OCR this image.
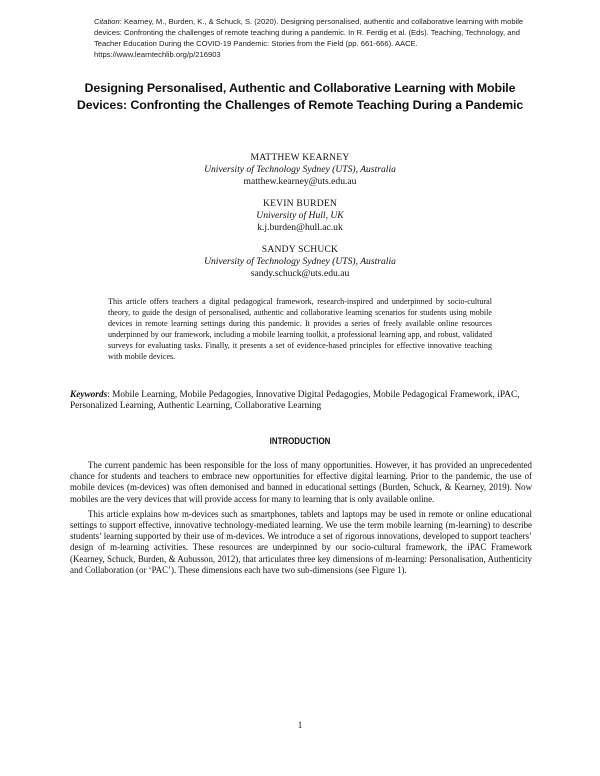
Citation: Kearney, M., Burden, K., & Schuck, S. (2020). Designing personalised, authentic and collaborative learning with mobile devices: Confronting the challenges of remote teaching during a pandemic. In R. Ferdig et al. (Eds). Teaching, Technology, and Teacher Education During the COVID-19 Pandemic: Stories from the Field (pp. 661-666). AACE. https://www.learntechlib.org/p/216903
Designing Personalised, Authentic and Collaborative Learning with Mobile Devices: Confronting the Challenges of Remote Teaching During a Pandemic
MATTHEW KEARNEY
University of Technology Sydney (UTS), Australia
matthew.kearney@uts.edu.au
KEVIN BURDEN
University of Hull, UK
k.j.burden@hull.ac.uk
SANDY SCHUCK
University of Technology Sydney (UTS), Australia
sandy.schuck@uts.edu.au
This article offers teachers a digital pedagogical framework, research-inspired and underpinned by socio-cultural theory, to guide the design of personalised, authentic and collaborative learning scenarios for students using mobile devices in remote learning settings during this pandemic. It provides a series of freely available online resources underpinned by our framework, including a mobile learning toolkit, a professional learning app, and robust, validated surveys for evaluating tasks. Finally, it presents a set of evidence-based principles for effective innovative teaching with mobile devices.
Keywords: Mobile Learning, Mobile Pedagogies, Innovative Digital Pedagogies, Mobile Pedagogical Framework, iPAC, Personalized Learning, Authentic Learning, Collaborative Learning
INTRODUCTION

The current pandemic has been responsible for the loss of many opportunities. However, it has provided an unprecedented chance for students and teachers to embrace new opportunities for effective digital learning. Prior to the pandemic, the use of mobile devices (m-devices) was often demonised and banned in educational settings (Burden, Schuck, & Kearney, 2019). Now mobiles are the very devices that will provide access for many to learning that is only available online.

This article explains how m-devices such as smartphones, tablets and laptops may be used in remote or online educational settings to support effective, innovative technology-mediated learning. We use the term mobile learning (m-learning) to describe students’ learning supported by their use of m-devices. We introduce a set of rigorous innovations, developed to support teachers’ design of m-learning activities. These resources are underpinned by our socio-cultural framework, the iPAC Framework (Kearney, Schuck, Burden, & Aubusson, 2012), that articulates three key dimensions of m-learning: Personalisation, Authenticity and Collaboration (or ‘PAC’). These dimensions each have two sub-dimensions (see Figure 1).

1
